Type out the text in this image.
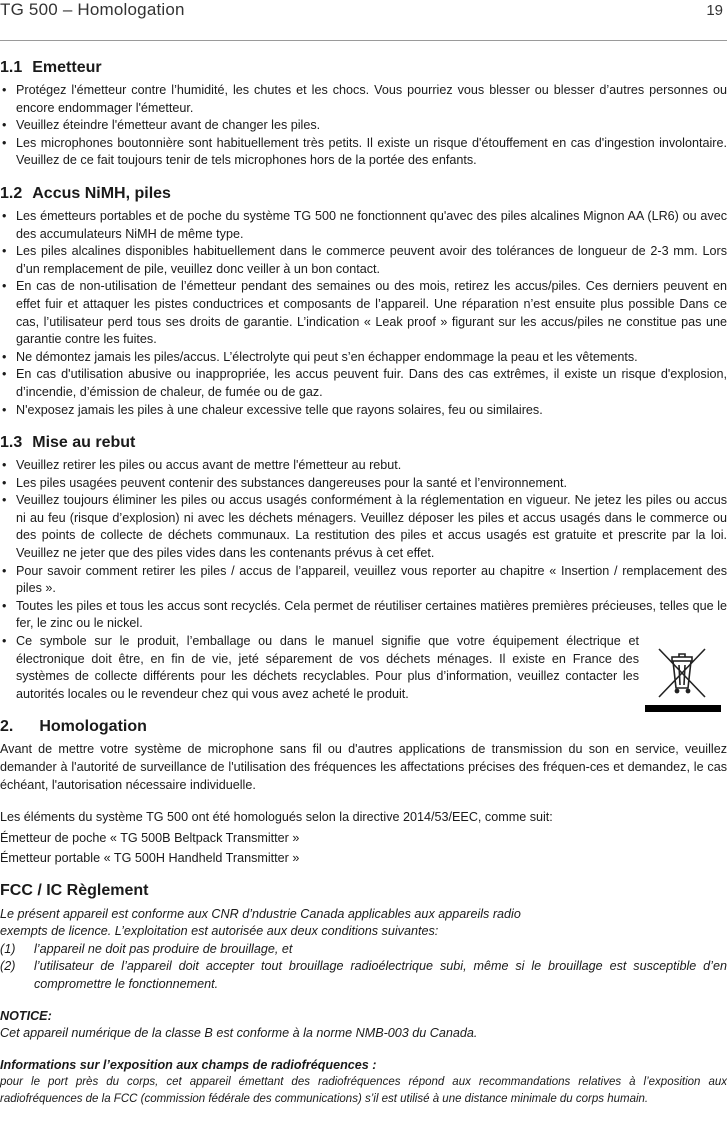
TG 500 – Homologation	19
1.1 Emetteur
• Protégez l'émetteur contre l’humidité, les chutes et les chocs. Vous pourriez vous blesser ou blesser d’autres personnes ou encore endommager l'émetteur.
• Veuillez éteindre l'émetteur avant de changer les piles.
• Les microphones boutonnière sont habituellement très petits. Il existe un risque d'étouffement en cas d'ingestion involontaire. Veuillez de ce fait toujours tenir de tels microphones hors de la portée des enfants.
1.2 Accus NiMH, piles
• Les émetteurs portables et de poche du système TG 500 ne fonctionnent qu'avec des piles alcalines Mignon AA (LR6) ou avec des accumulateurs NiMH de même type.
• Les piles alcalines disponibles habituellement dans le commerce peuvent avoir des tolérances de longueur de 2-3 mm. Lors d’un remplacement de pile, veuillez donc veiller à un bon contact.
• En cas de non-utilisation de l’émetteur pendant des semaines ou des mois, retirez les accus/piles. Ces derniers peuvent en effet fuir et attaquer les pistes conductrices et composants de l’appareil. Une réparation n’est ensuite plus possible Dans ce cas, l’utilisateur perd tous ses droits de garantie. L’indication « Leak proof » figurant sur les accus/piles ne constitue pas une garantie contre les fuites.
• Ne démontez jamais les piles/accus. L’électrolyte qui peut s’en échapper endommage la peau et les vêtements.
• En cas d'utilisation abusive ou inappropriée, les accus peuvent fuir. Dans des cas extrêmes, il existe un risque d'explosion, d’incendie, d’émission de chaleur, de fumée ou de gaz.
• N'exposez jamais les piles à une chaleur excessive telle que rayons solaires, feu ou similaires.
1.3 Mise au rebut
• Veuillez retirer les piles ou accus avant de mettre l'émetteur au rebut.
• Les piles usagées peuvent contenir des substances dangereuses pour la santé et l’environnement.
• Veuillez toujours éliminer les piles ou accus usagés conformément à la réglementation en vigueur. Ne jetez les piles ou accus ni au feu (risque d’explosion) ni avec les déchets ménagers. Veuillez déposer les piles et accus usagés dans le commerce ou des points de collecte de déchets communaux. La restitution des piles et accus usagés est gratuite et prescrite par la loi. Veuillez ne jeter que des piles vides dans les contenants prévus à cet effet.
• Pour savoir comment retirer les piles / accus de l’appareil, veuillez vous reporter au chapitre « Insertion / remplacement des piles ».
• Toutes les piles et tous les accus sont recyclés. Cela permet de réutiliser certaines matières premières précieuses, telles que le fer, le zinc ou le nickel.
• Ce symbole sur le produit, l’emballage ou dans le manuel signifie que votre équipement électrique et électronique doit être, en fin de vie, jeté séparement de vos déchets ménages. Il existe en France des systèmes de collecte différents pour les déchets recyclables. Pour plus d’information, veuillez contacter les autorités locales ou le revendeur chez qui vous avez acheté le produit.
2. Homologation

Avant de mettre votre système de microphone sans fil ou d'autres applications de transmission du son en service, veuillez demander à l'autorité de surveillance de l'utilisation des fréquences les affectations précises des fréquen-ces et demandez, le cas échéant, l'autorisation nécessaire individuelle.

Les éléments du système TG 500 ont été homologués selon la directive 2014/53/EEC, comme suit:

Émetteur de poche « TG 500B Beltpack Transmitter »

Émetteur portable « TG 500H Handheld Transmitter »

FCC / IC Règlement

Le présent appareil est conforme aux CNR d’ndustrie Canada applicables aux appareils radio

exempts de licence. L’exploitation est autorisée aux deux conditions suivantes:

(1)	l’appareil ne doit pas produire de brouillage, et
(2)	l’utilisateur de l’appareil doit accepter tout brouillage radioélectrique subi, même si le brouillage est susceptible d’en compromettre le fonctionnement.
NOTICE:

Cet appareil numérique de la classe B est conforme à la norme NMB-003 du Canada.

Informations sur l’exposition aux champs de radiofréquences :

pour le port près du corps, cet appareil émettant des radiofréquences répond aux recommandations relatives à l’exposition aux radiofréquences de la FCC (commission fédérale des communications) s’il est utilisé à une distance minimale du corps humain.
